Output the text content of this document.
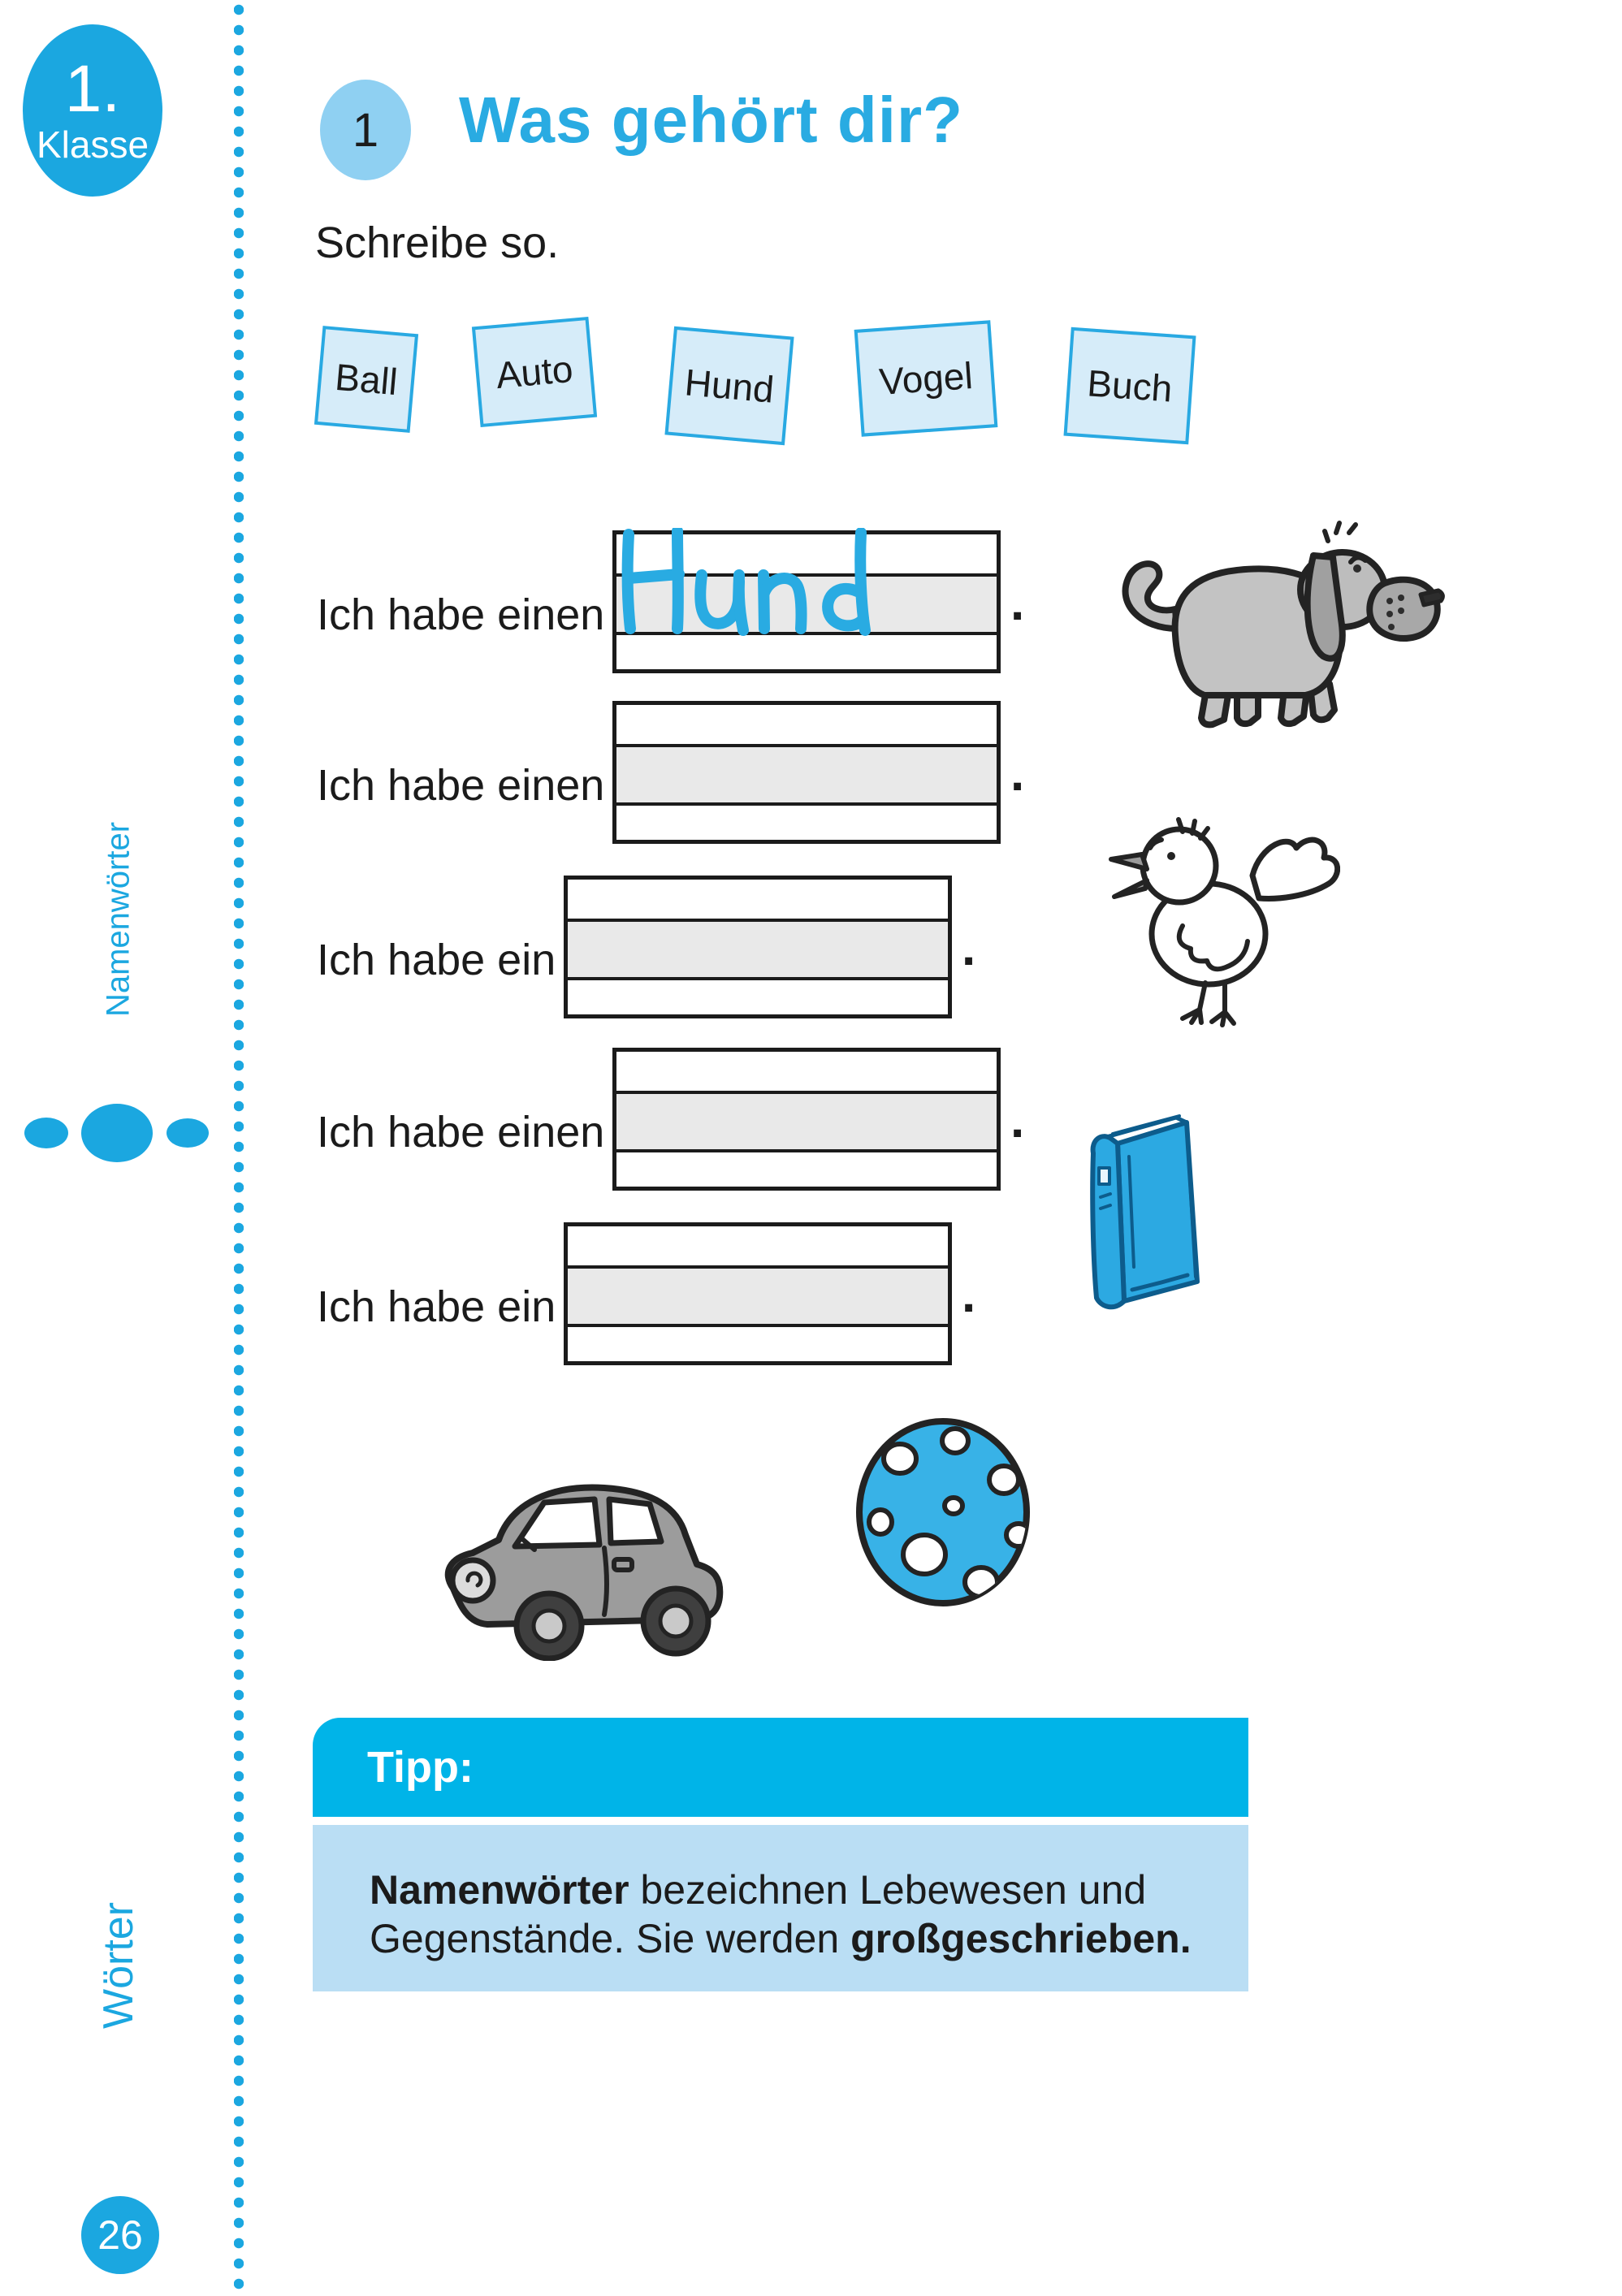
1.
Klasse
Namenwörter
Wörter
26
1 Was gehört dir?
Schreibe so.
Ball	Auto	Hund	Vogel	Buch
Ich habe einen	.
Ich habe einen	.
Ich habe ein	.
Ich habe einen	.
Ich habe ein	.
Tipp:
Namenwörter bezeichnen Lebewesen und
Gegenstände. Sie werden großgeschrieben.
